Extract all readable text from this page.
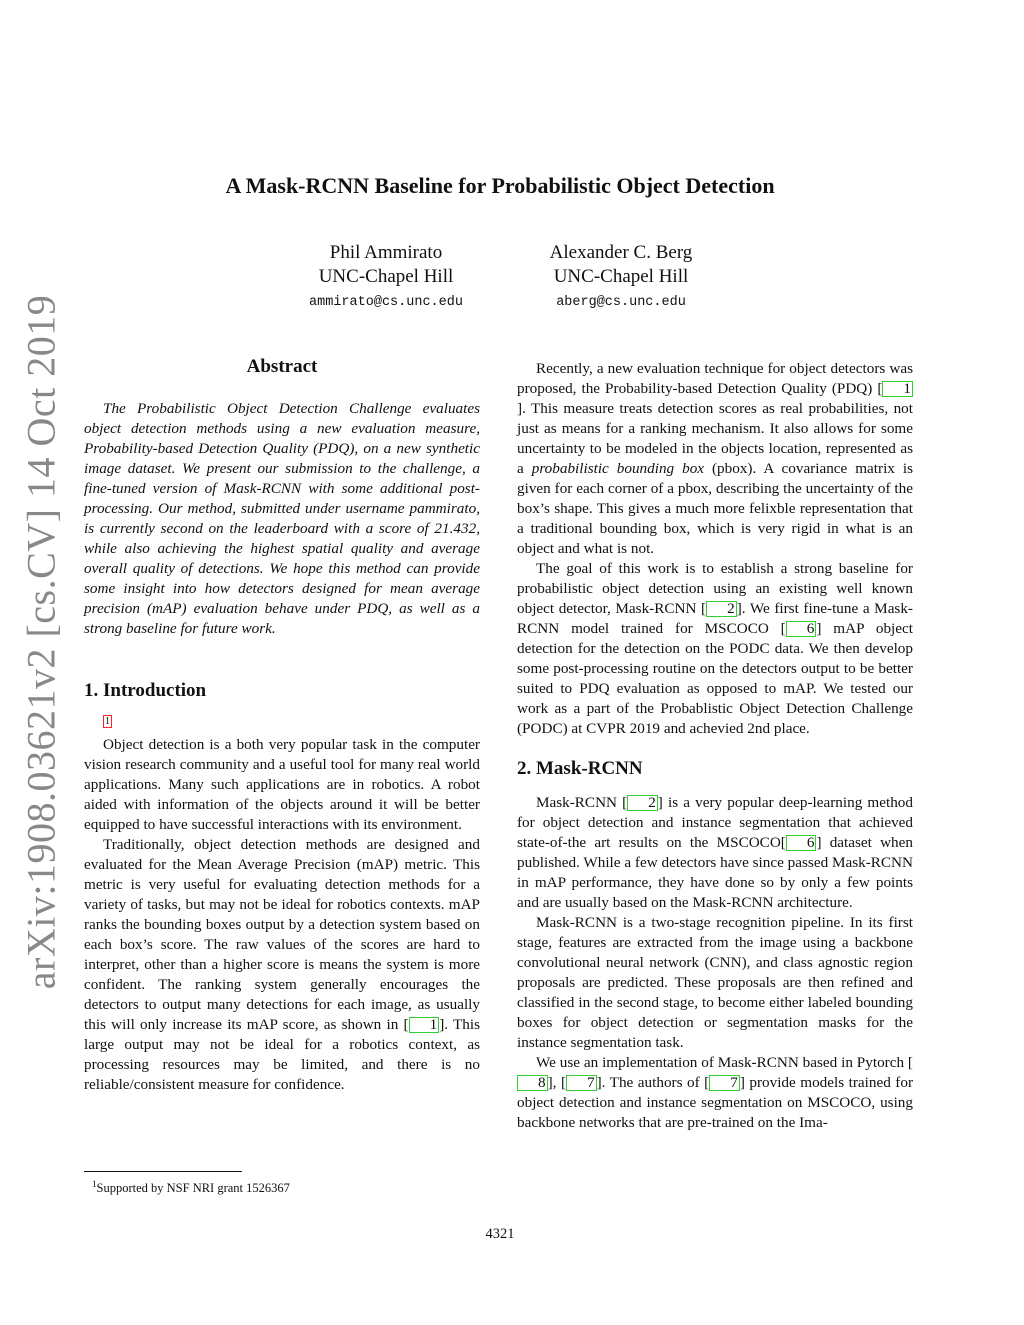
arXiv:1908.03621v2 [cs.CV] 14 Oct 2019
A Mask-RCNN Baseline for Probabilistic Object Detection
Phil Ammirato
UNC-Chapel Hill
ammirato@cs.unc.edu
Alexander C. Berg
UNC-Chapel Hill
aberg@cs.unc.edu
Abstract

The Probabilistic Object Detection Challenge evaluates object detection methods using a new evaluation measure, Probability-based Detection Quality (PDQ), on a new synthetic image dataset. We present our submission to the challenge, a fine-tuned version of Mask-RCNN with some additional post-processing. Our method, submitted under username pammirato, is currently second on the leaderboard with a score of 21.432, while also achieving the highest spatial quality and average overall quality of detections. We hope this method can provide some insight into how detectors designed for mean average precision (mAP) evaluation behave under PDQ, as well as a strong baseline for future work.

1. Introduction
1

Object detection is a both very popular task in the computer vision research community and a useful tool for many real world applications. Many such applications are in robotics. A robot aided with information of the objects around it will be better equipped to have successful interactions with its environment.

Traditionally, object detection methods are designed and evaluated for the Mean Average Precision (mAP) metric. This metric is very useful for evaluating detection methods for a variety of tasks, but may not be ideal for robotics contexts. mAP ranks the bounding boxes output by a detection system based on each box’s score. The raw values of the scores are hard to interpret, other than a higher score is means the system is more confident. The ranking system generally encourages the detectors to output many detections for each image, as usually this will only increase its mAP score, as shown in [ 1 ]. This large output may not be ideal for a robotics context, as processing resources may be limited, and there is no reliable/consistent measure for confidence.

$^1$Supported by NSF NRI grant 1526367

Recently, a new evaluation technique for object detectors was proposed, the Probability-based Detection Quality (PDQ) [ 1]. This measure treats detection scores as real probabilities, not just as means for a ranking mechanism. It also allows for some uncertainty to be modeled in the objects location, represented as a probabilistic bounding box (pbox). A covariance matrix is given for each corner of a pbox, describing the uncertainty of the box’s shape. This gives a much more felixble representation that a traditional bounding box, which is very rigid in what is an object and what is not.

The goal of this work is to establish a strong baseline for probabilistic object detection using an existing well known object detector, Mask-RCNN [ 2 ]. We first fine-tune a Mask-RCNN model trained for MSCOCO [ 6 ] mAP object detection for the detection on the PODC data. We then develop some post-processing routine on the detectors output to be better suited to PDQ evaluation as opposed to mAP. We tested our work as a part of the Probablistic Object Detection Challenge (PODC) at CVPR 2019 and achevied 2nd place.

2. Mask-RCNN

Mask-RCNN [ 2 ] is a very popular deep-learning method for object detection and instance segmentation that achieved state-of-the art results on the MSCOCO[ 6 ] dataset when published. While a few detectors have since passed Mask-RCNN in mAP performance, they have done so by only a few points and are usually based on the Mask-RCNN architecture.

Mask-RCNN is a two-stage recognition pipeline. In its first stage, features are extracted from the image using a backbone convolutional neural network (CNN), and class agnostic region proposals are predicted. These proposals are then refined and classified in the second stage, to become either labeled bounding boxes for object detection or segmentation masks for the instance segmentation task.

We use an implementation of Mask-RCNN based in Pytorch [8 ], [ 7 ]. The authors of [ 7 ] provide models trained for object detection and instance segmentation on MSCOCO, using backbone networks that are pre-trained on the Ima-

4321
